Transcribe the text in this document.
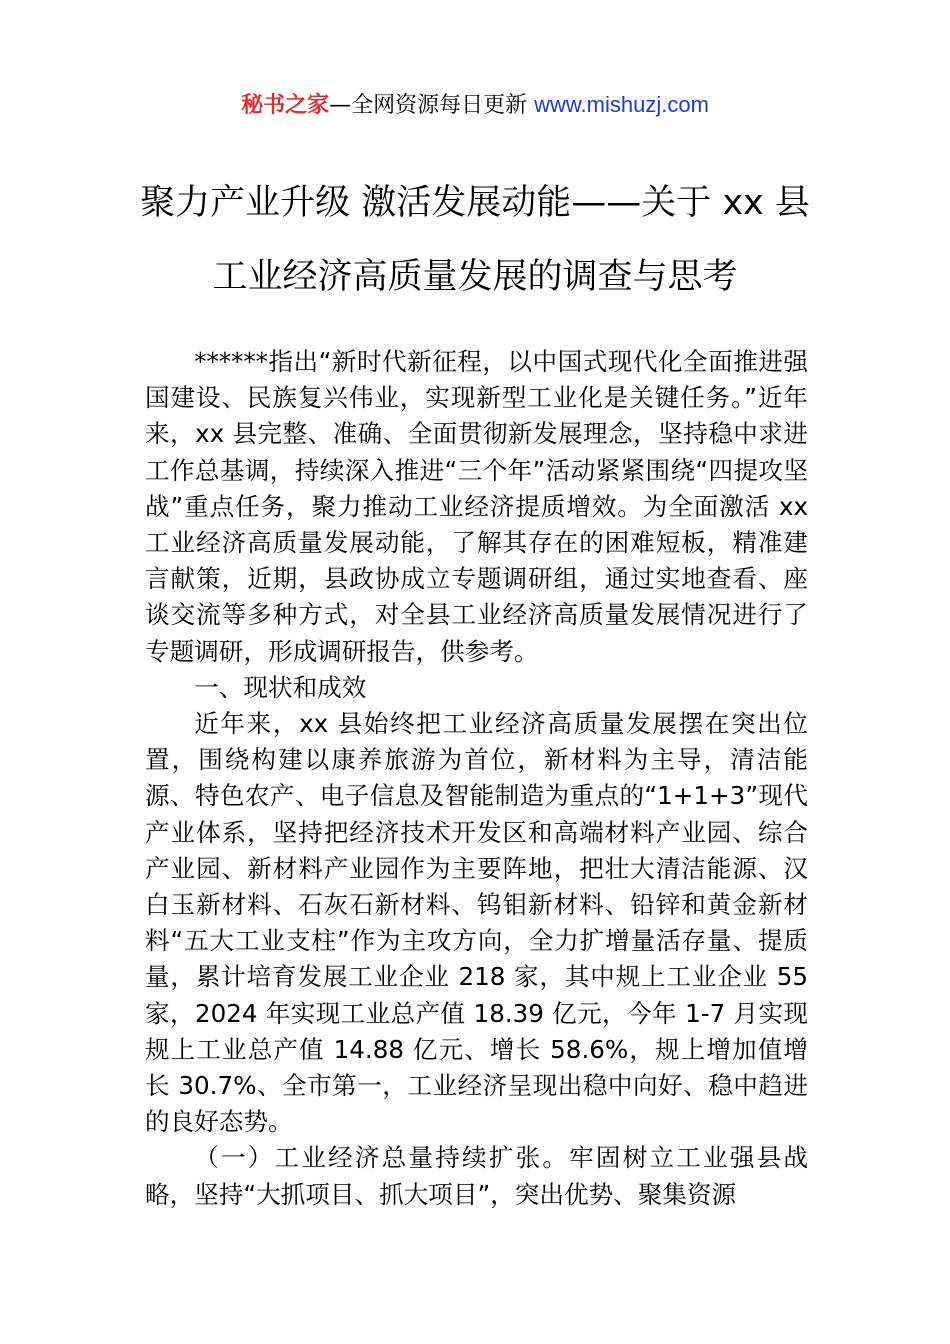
秘书之家—全网资源每日更新 www.mishuzj.com
聚力产业升级 激活发展动能——关于 xx 县
工业经济高质量发展的调查与思考

******指出“新时代新征程，以中国式现代化全面推进强国建设、民族复兴伟业，实现新型工业化是关键任务。”近年来，xx 县完整、准确、全面贯彻新发展理念，坚持稳中求进工作总基调，持续深入推进“三个年”活动紧紧围绕“四提攻坚战”重点任务，聚力推动工业经济提质增效。为全面激活 xx 工业经济高质量发展动能，了解其存在的困难短板，精准建言献策，近期，县政协成立专题调研组，通过实地查看、座谈交流等多种方式，对全县工业经济高质量发展情况进行了专题调研，形成调研报告，供参考。

一、现状和成效

近年来，xx 县始终把工业经济高质量发展摆在突出位置，围绕构建以康养旅游为首位，新材料为主导，清洁能源、特色农产、电子信息及智能制造为重点的“1+1+3”现代产业体系，坚持把经济技术开发区和高端材料产业园、综合产业园、新材料产业园作为主要阵地，把壮大清洁能源、汉白玉新材料、石灰石新材料、钨钼新材料、铅锌和黄金新材料“五大工业支柱”作为主攻方向，全力扩增量活存量、提质量，累计培育发展工业企业 218 家，其中规上工业企业 55 家，2024 年实现工业总产值 18.39 亿元，今年 1-7 月实现规上工业总产值 14.88 亿元、增长 58.6%，规上增加值增长 30.7%、全市第一，工业经济呈现出稳中向好、稳中趋进的良好态势。

（一）工业经济总量持续扩张。牢固树立工业强县战略，坚持“大抓项目、抓大项目”，突出优势、聚集资源
